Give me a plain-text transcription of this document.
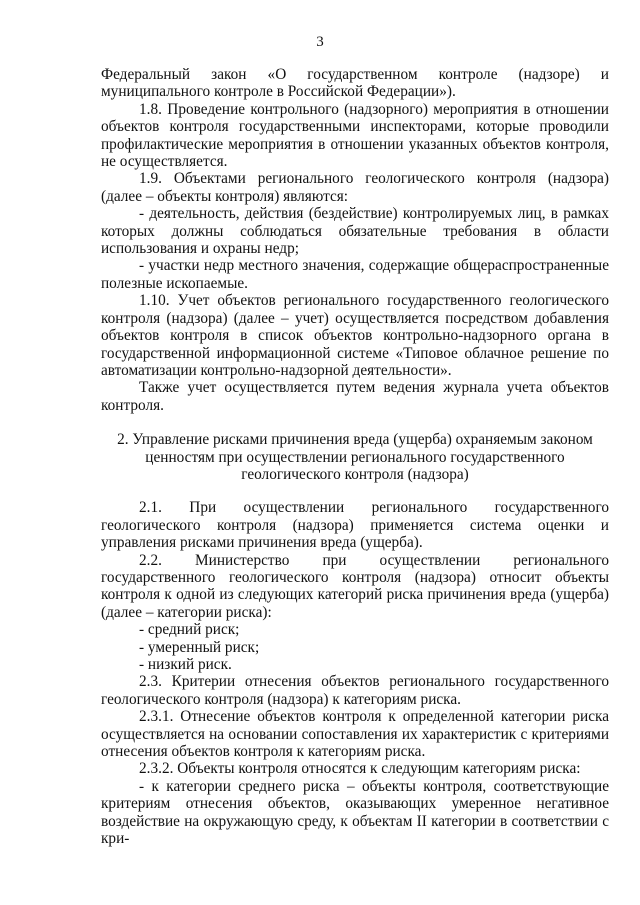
3

Федеральный закон «О государственном контроле (надзоре) и муниципального контроле в Российской Федерации»).

1.8. Проведение контрольного (надзорного) мероприятия в отношении объектов контроля государственными инспекторами, которые проводили профилактические мероприятия в отношении указанных объектов контроля, не осуществляется.

1.9. Объектами регионального геологического контроля (надзора) (далее – объекты контроля) являются:

- деятельность, действия (бездействие) контролируемых лиц, в рамках которых должны соблюдаться обязательные требования в области использования и охраны недр;

- участки недр местного значения, содержащие общераспространенные полезные ископаемые.

1.10. Учет объектов регионального государственного геологического контроля (надзора) (далее – учет) осуществляется посредством добавления объектов контроля в список объектов контрольно-надзорного органа в государственной информационной системе «Типовое облачное решение по автоматизации контрольно-надзорной деятельности».

Также учет осуществляется путем ведения журнала учета объектов контроля.

2. Управление рисками причинения вреда (ущерба) охраняемым законом ценностям при осуществлении регионального государственного геологического контроля (надзора)

2.1. При осуществлении регионального государственного геологического контроля (надзора) применяется система оценки и управления рисками причинения вреда (ущерба).

2.2. Министерство при осуществлении регионального государственного геологического контроля (надзора) относит объекты контроля к одной из следующих категорий риска причинения вреда (ущерба) (далее – категории риска):

- средний риск;

- умеренный риск;

- низкий риск.

2.3. Критерии отнесения объектов регионального государственного геологического контроля (надзора) к категориям риска.

2.3.1. Отнесение объектов контроля к определенной категории риска осуществляется на основании сопоставления их характеристик с критериями отнесения объектов контроля к категориям риска.

2.3.2. Объекты контроля относятся к следующим категориям риска:

- к категории среднего риска – объекты контроля, соответствующие критериям отнесения объектов, оказывающих умеренное негативное воздействие на окружающую среду, к объектам II категории в соответствии с кри-
